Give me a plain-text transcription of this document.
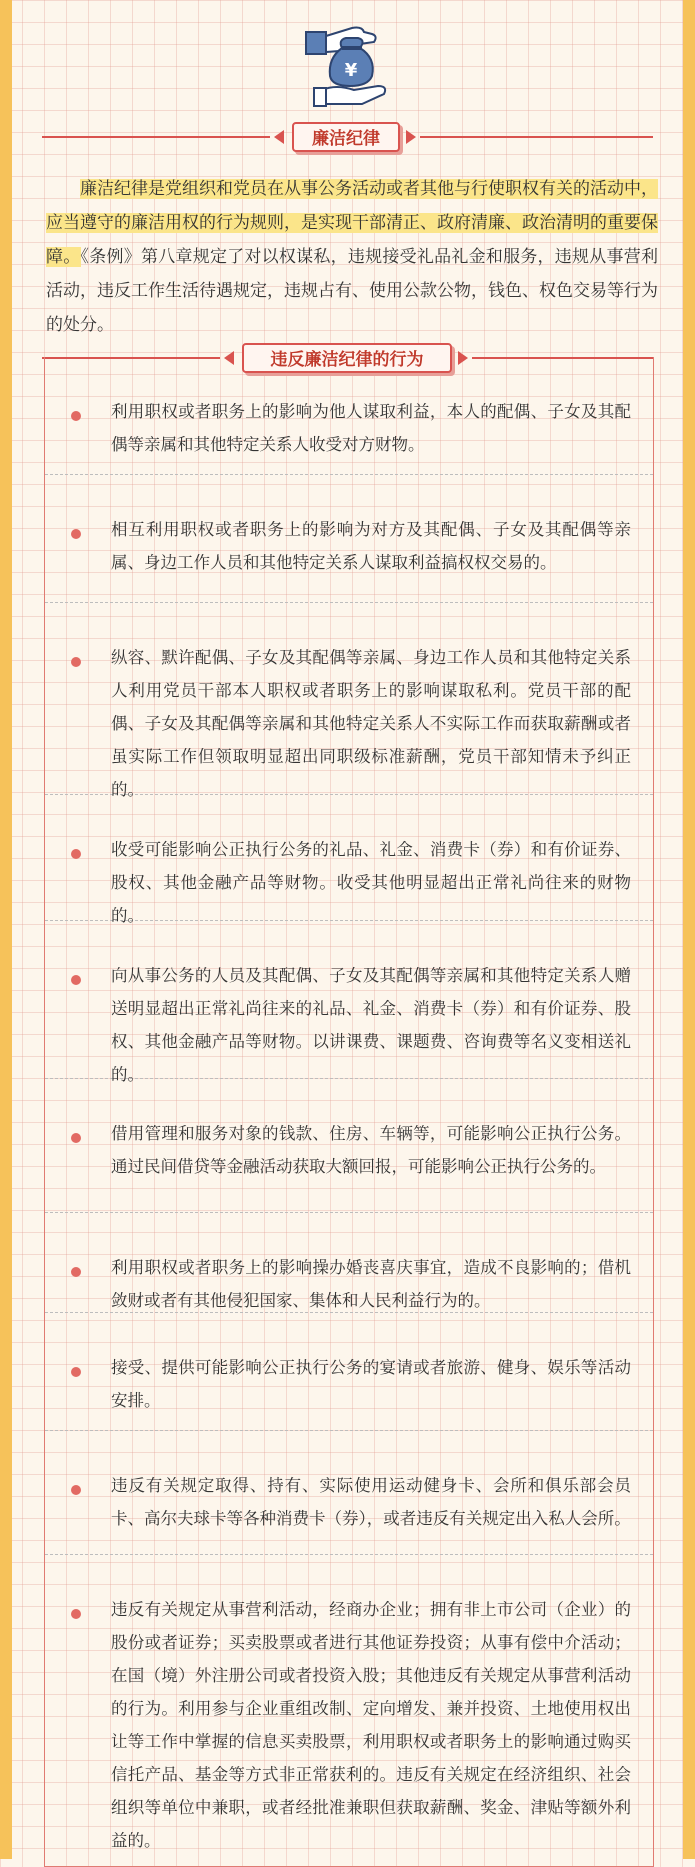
¥
廉洁纪律
廉洁纪律是党组织和党员在从事公务活动或者其他与行使职权有关的活动中，应当遵守的廉洁用权的行为规则，是实现干部清正、政府清廉、政治清明的重要保障。《条例》第八章规定了对以权谋私，违规接受礼品礼金和服务，违规从事营利活动，违反工作生活待遇规定，违规占有、使用公款公物，钱色、权色交易等行为的处分。
违反廉洁纪律的行为
利用职权或者职务上的影响为他人谋取利益，本人的配偶、子女及其配偶等亲属和其他特定关系人收受对方财物。
相互利用职权或者职务上的影响为对方及其配偶、子女及其配偶等亲属、身边工作人员和其他特定关系人谋取利益搞权权交易的。
纵容、默许配偶、子女及其配偶等亲属、身边工作人员和其他特定关系人利用党员干部本人职权或者职务上的影响谋取私利。党员干部的配偶、子女及其配偶等亲属和其他特定关系人不实际工作而获取薪酬或者虽实际工作但领取明显超出同职级标准薪酬，党员干部知情未予纠正的。
收受可能影响公正执行公务的礼品、礼金、消费卡（券）和有价证券、股权、其他金融产品等财物。收受其他明显超出正常礼尚往来的财物的。
向从事公务的人员及其配偶、子女及其配偶等亲属和其他特定关系人赠送明显超出正常礼尚往来的礼品、礼金、消费卡（券）和有价证券、股权、其他金融产品等财物。以讲课费、课题费、咨询费等名义变相送礼的。
借用管理和服务对象的钱款、住房、车辆等，可能影响公正执行公务。通过民间借贷等金融活动获取大额回报，可能影响公正执行公务的。
利用职权或者职务上的影响操办婚丧喜庆事宜，造成不良影响的；借机敛财或者有其他侵犯国家、集体和人民利益行为的。
接受、提供可能影响公正执行公务的宴请或者旅游、健身、娱乐等活动安排。
违反有关规定取得、持有、实际使用运动健身卡、会所和俱乐部会员卡、高尔夫球卡等各种消费卡（券），或者违反有关规定出入私人会所。
违反有关规定从事营利活动，经商办企业；拥有非上市公司（企业）的股份或者证券；买卖股票或者进行其他证券投资；从事有偿中介活动；在国（境）外注册公司或者投资入股；其他违反有关规定从事营利活动的行为。利用参与企业重组改制、定向增发、兼并投资、土地使用权出让等工作中掌握的信息买卖股票，利用职权或者职务上的影响通过购买信托产品、基金等方式非正常获利的。违反有关规定在经济组织、社会组织等单位中兼职，或者经批准兼职但获取薪酬、奖金、津贴等额外利益的。
